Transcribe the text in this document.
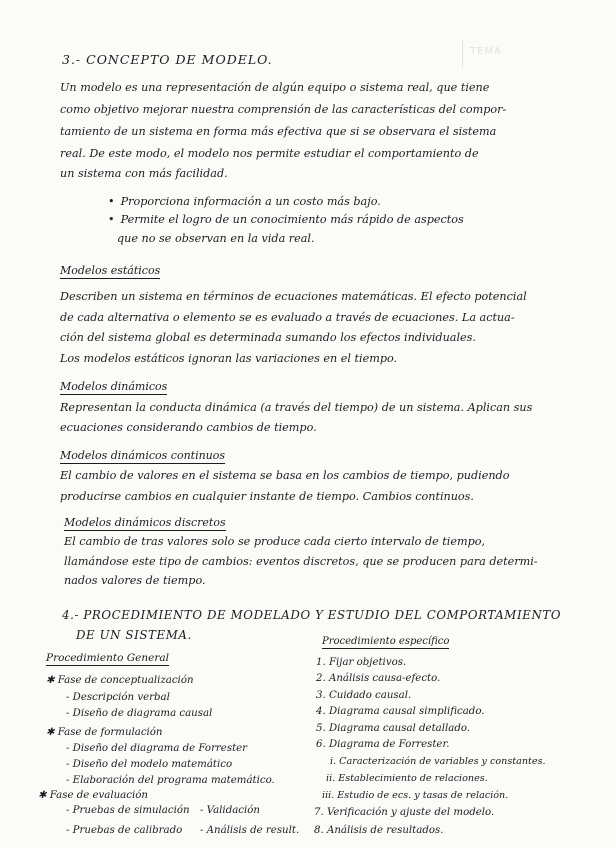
TEMA
3.- CONCEPTO DE MODELO.
Un modelo es una representación de algún equipo o sistema real, que tiene
como objetivo mejorar nuestra comprensión de las características del compor-
tamiento de un sistema en forma más efectiva que si se observara el sistema
real. De este modo, el modelo nos permite estudiar el comportamiento de
un sistema con más facilidad.
• Proporciona información a un costo más bajo.
• Permite el logro de un conocimiento más rápido de aspectos
que no se observan en la vida real.
Modelos estáticos
Describen un sistema en términos de ecuaciones matemáticas. El efecto potencial
de cada alternativa o elemento se es evaluado a través de ecuaciones. La actua-
ción del sistema global es determinada sumando los efectos individuales.
Los modelos estáticos ignoran las variaciones en el tiempo.
Modelos dinámicos
Representan la conducta dinámica (a través del tiempo) de un sistema. Aplican sus
ecuaciones considerando cambios de tiempo.
Modelos dinámicos continuos
El cambio de valores en el sistema se basa en los cambios de tiempo, pudiendo
producirse cambios en cualquier instante de tiempo. Cambios continuos.
Modelos dinámicos discretos
El cambio de tras valores solo se produce cada cierto intervalo de tiempo,
llamándose este tipo de cambios: eventos discretos, que se producen para determi-
nados valores de tiempo.
4.- PROCEDIMIENTO DE MODELADO Y ESTUDIO DEL COMPORTAMIENTO
DE UN SISTEMA.
Procedimiento General
✱ Fase de conceptualización
- Descripción verbal
- Diseño de diagrama causal
✱ Fase de formulación
- Diseño del diagrama de Forrester
- Diseño del modelo matemático
- Elaboración del programa matemático.
✱ Fase de evaluación
- Pruebas de simulación
- Pruebas de calibrado
- Validación
- Análisis de result.
Procedimiento específico
1. Fijar objetivos.
2. Análisis causa-efecto.
3. Cuidado causal.
4. Diagrama causal simplificado.
5. Diagrama causal detallado.
6. Diagrama de Forrester.
i. Caracterización de variables y constantes.
ii. Establecimiento de relaciones.
iii. Estudio de ecs. y tasas de relación.
7. Verificación y ajuste del modelo.
8. Análisis de resultados.
